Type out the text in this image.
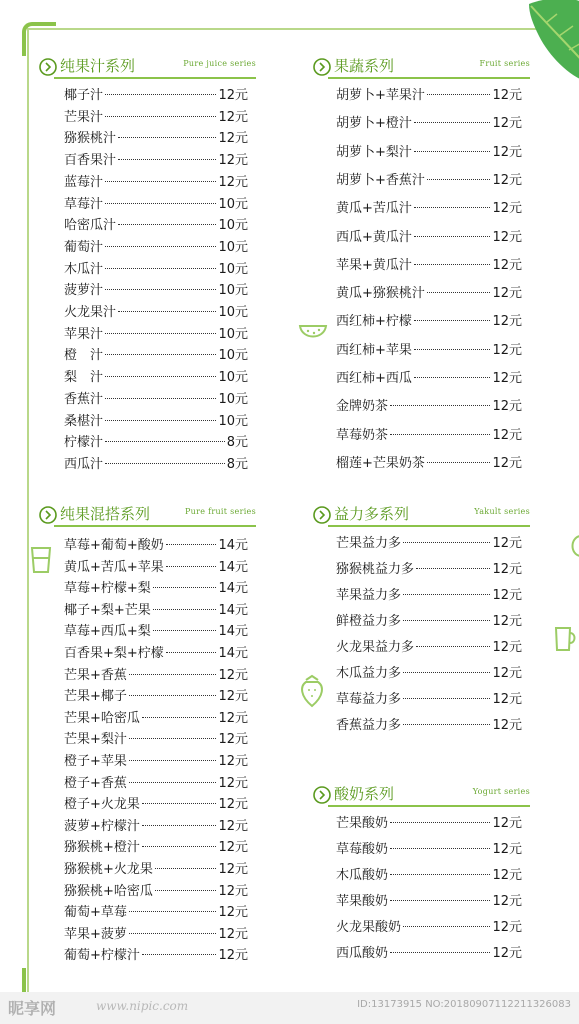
纯果汁系列	Pure juice series
椰子汁	12元
芒果汁	12元
猕猴桃汁	12元
百香果汁	12元
蓝莓汁	12元
草莓汁	10元
哈密瓜汁	10元
葡萄汁	10元
木瓜汁	10元
菠萝汁	10元
火龙果汁	10元
苹果汁	10元
橙　汁	10元
梨　汁	10元
香蕉汁	10元
桑椹汁	10元
柠檬汁	8元
西瓜汁	8元
纯果混搭系列	Pure fruit series
草莓+葡萄+酸奶	14元
黄瓜+苦瓜+苹果	14元
草莓+柠檬+梨	14元
椰子+梨+芒果	14元
草莓+西瓜+梨	14元
百香果+梨+柠檬	14元
芒果+香蕉	12元
芒果+椰子	12元
芒果+哈密瓜	12元
芒果+梨汁	12元
橙子+苹果	12元
橙子+香蕉	12元
橙子+火龙果	12元
菠萝+柠檬汁	12元
猕猴桃+橙汁	12元
猕猴桃+火龙果	12元
猕猴桃+哈密瓜	12元
葡萄+草莓	12元
苹果+菠萝	12元
葡萄+柠檬汁	12元
果蔬系列	Fruit series
胡萝卜+苹果汁	12元
胡萝卜+橙汁	12元
胡萝卜+梨汁	12元
胡萝卜+香蕉汁	12元
黄瓜+苦瓜汁	12元
西瓜+黄瓜汁	12元
苹果+黄瓜汁	12元
黄瓜+猕猴桃汁	12元
西红柿+柠檬	12元
西红柿+苹果	12元
西红柿+西瓜	12元
金牌奶茶	12元
草莓奶茶	12元
榴莲+芒果奶茶	12元
益力多系列	Yakult series
芒果益力多	12元
猕猴桃益力多	12元
苹果益力多	12元
鲜橙益力多	12元
火龙果益力多	12元
木瓜益力多	12元
草莓益力多	12元
香蕉益力多	12元
酸奶系列	Yogurt series
芒果酸奶	12元
草莓酸奶	12元
木瓜酸奶	12元
苹果酸奶	12元
火龙果酸奶	12元
西瓜酸奶	12元
昵享网	www.nipic.com	ID:13173915 NO:20180907112211326083
